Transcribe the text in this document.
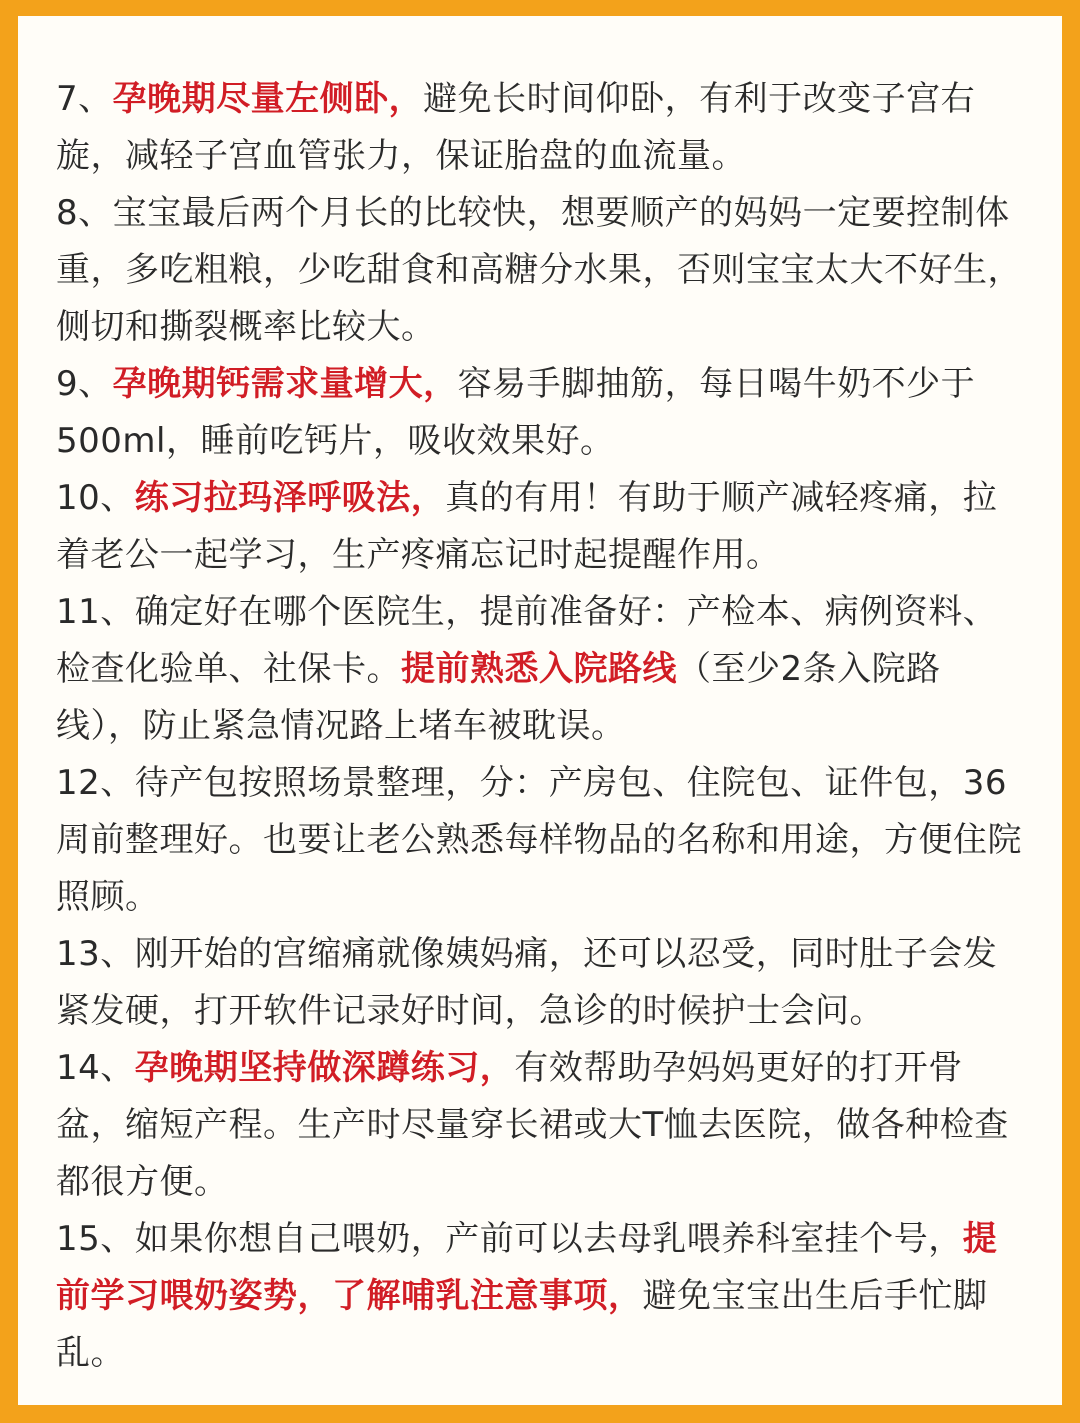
7、孕晚期尽量左侧卧，避免长时间仰卧，有利于改变子宫右旋，减轻子宫血管张力，保证胎盘的血流量。

8、宝宝最后两个月长的比较快，想要顺产的妈妈一定要控制体重，多吃粗粮，少吃甜食和高糖分水果，否则宝宝太大不好生，侧切和撕裂概率比较大。

9、孕晚期钙需求量增大，容易手脚抽筋，每日喝牛奶不少于500ml，睡前吃钙片，吸收效果好。

10、练习拉玛泽呼吸法，真的有用！有助于顺产减轻疼痛，拉着老公一起学习，生产疼痛忘记时起提醒作用。

11、确定好在哪个医院生，提前准备好：产检本、病例资料、检查化验单、社保卡。提前熟悉入院路线（至少2条入院路线），防止紧急情况路上堵车被耽误。

12、待产包按照场景整理，分：产房包、住院包、证件包，36周前整理好。也要让老公熟悉每样物品的名称和用途，方便住院照顾。

13、刚开始的宫缩痛就像姨妈痛，还可以忍受，同时肚子会发紧发硬，打开软件记录好时间，急诊的时候护士会问。

14、孕晚期坚持做深蹲练习，有效帮助孕妈妈更好的打开骨盆，缩短产程。生产时尽量穿长裙或大T恤去医院，做各种检查都很方便。

15、如果你想自己喂奶，产前可以去母乳喂养科室挂个号，提前学习喂奶姿势，了解哺乳注意事项，避免宝宝出生后手忙脚乱。
